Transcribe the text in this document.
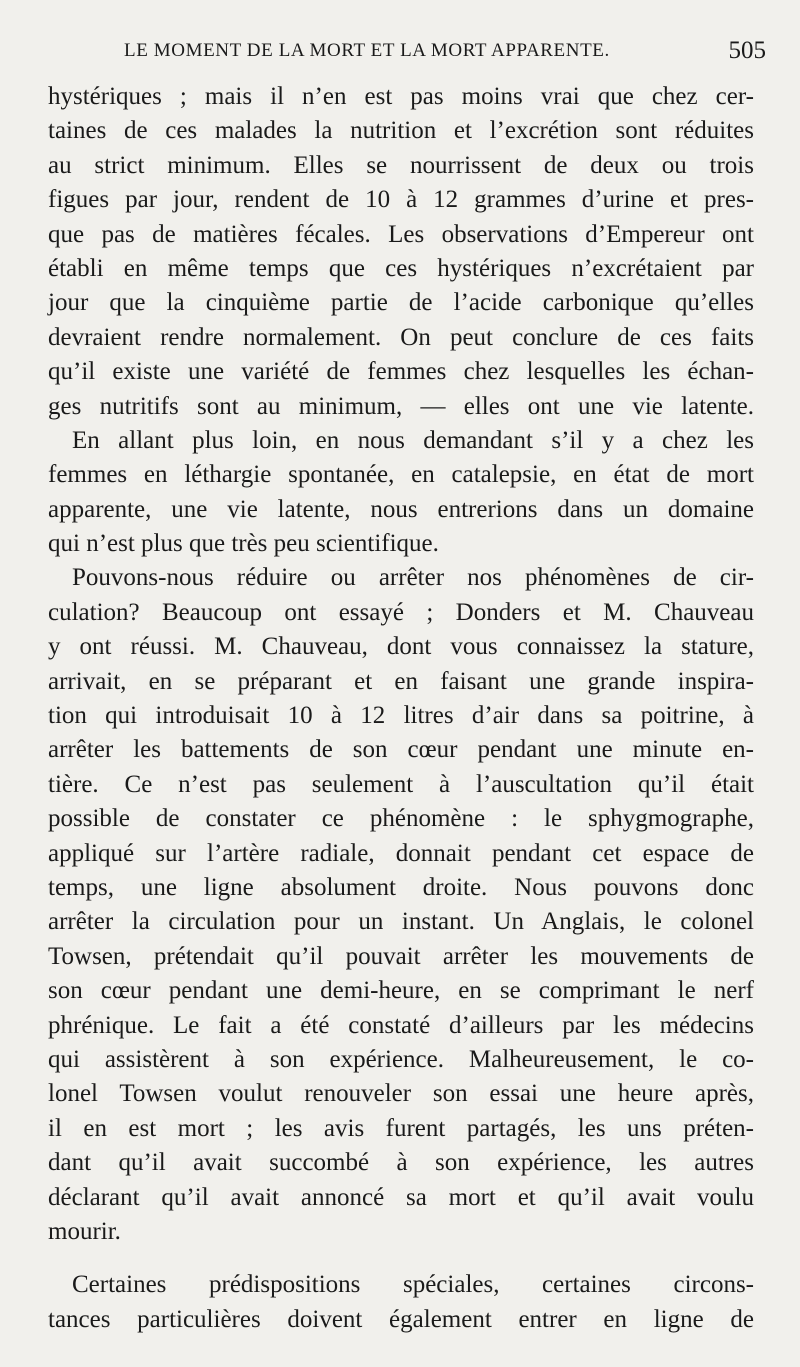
LE MOMENT DE LA MORT ET LA MORT APPARENTE.	505
hystériques ; mais il n’en est pas moins vrai que chez cer-
taines de ces malades la nutrition et l’excrétion sont réduites
au strict minimum. Elles se nourrissent de deux ou trois
figues par jour, rendent de 10 à 12 grammes d’urine et pres-
que pas de matières fécales. Les observations d’Empereur ont
établi en même temps que ces hystériques n’excrétaient par
jour que la cinquième partie de l’acide carbonique qu’elles
devraient rendre normalement. On peut conclure de ces faits
qu’il existe une variété de femmes chez lesquelles les échan-
ges nutritifs sont au minimum, — elles ont une vie latente.
En allant plus loin, en nous demandant s’il y a chez les
femmes en léthargie spontanée, en catalepsie, en état de mort
apparente, une vie latente, nous entrerions dans un domaine
qui n’est plus que très peu scientifique.
Pouvons-nous réduire ou arrêter nos phénomènes de cir-
culation? Beaucoup ont essayé ; Donders et M. Chauveau
y ont réussi. M. Chauveau, dont vous connaissez la stature,
arrivait, en se préparant et en faisant une grande inspira-
tion qui introduisait 10 à 12 litres d’air dans sa poitrine, à
arrêter les battements de son cœur pendant une minute en-
tière. Ce n’est pas seulement à l’auscultation qu’il était
possible de constater ce phénomène : le sphygmographe,
appliqué sur l’artère radiale, donnait pendant cet espace de
temps, une ligne absolument droite. Nous pouvons donc
arrêter la circulation pour un instant. Un Anglais, le colonel
Towsen, prétendait qu’il pouvait arrêter les mouvements de
son cœur pendant une demi-heure, en se comprimant le nerf
phrénique. Le fait a été constaté d’ailleurs par les médecins
qui assistèrent à son expérience. Malheureusement, le co-
lonel Towsen voulut renouveler son essai une heure après,
il en est mort ; les avis furent partagés, les uns préten-
dant qu’il avait succombé à son expérience, les autres
déclarant qu’il avait annoncé sa mort et qu’il avait voulu
mourir.
Certaines prédispositions spéciales, certaines circons-
tances particulières doivent également entrer en ligne de
